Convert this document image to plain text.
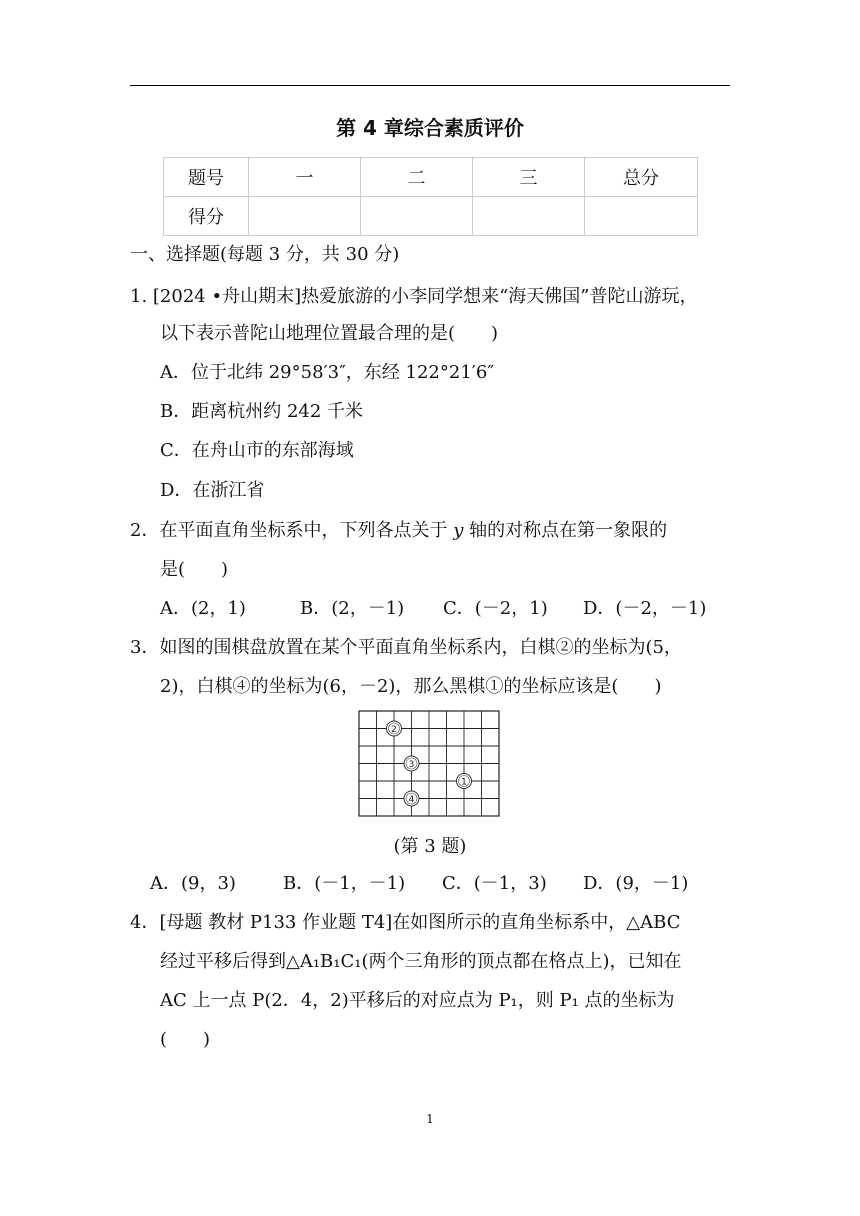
第 4 章综合素质评价
题号	一	二	三	总分
得分				
一、选择题(每题 3 分，共 30 分)
1. [2024 •舟山期末]热爱旅游的小李同学想来“海天佛国”普陀山游玩，
以下表示普陀山地理位置最合理的是(　　)
A．位于北纬 29°58′3″，东经 122°21′6″
B．距离杭州约 242 千米
C．在舟山市的东部海域
D．在浙江省
2．在平面直角坐标系中，下列各点关于 y 轴的对称点在第一象限的
是(　　)
A．(2，1)	B．(2，－1) C．(－2，1) D．(－2，－1)
3．如图的围棋盘放置在某个平面直角坐标系内，白棋②的坐标为(5，
2)，白棋④的坐标为(6，－2)，那么黑棋①的坐标应该是(　　)
2
3
1
4
(第 3 题)
A．(9，3)	B．(－1，－1) C．(－1，3) D．(9，－1)
4．[母题 教材 P133 作业题 T4]在如图所示的直角坐标系中，△ABC
经过平移后得到△A₁B₁C₁(两个三角形的顶点都在格点上)，已知在
AC 上一点 P(2．4，2)平移后的对应点为 P₁，则 P₁ 点的坐标为
(　　)
1
